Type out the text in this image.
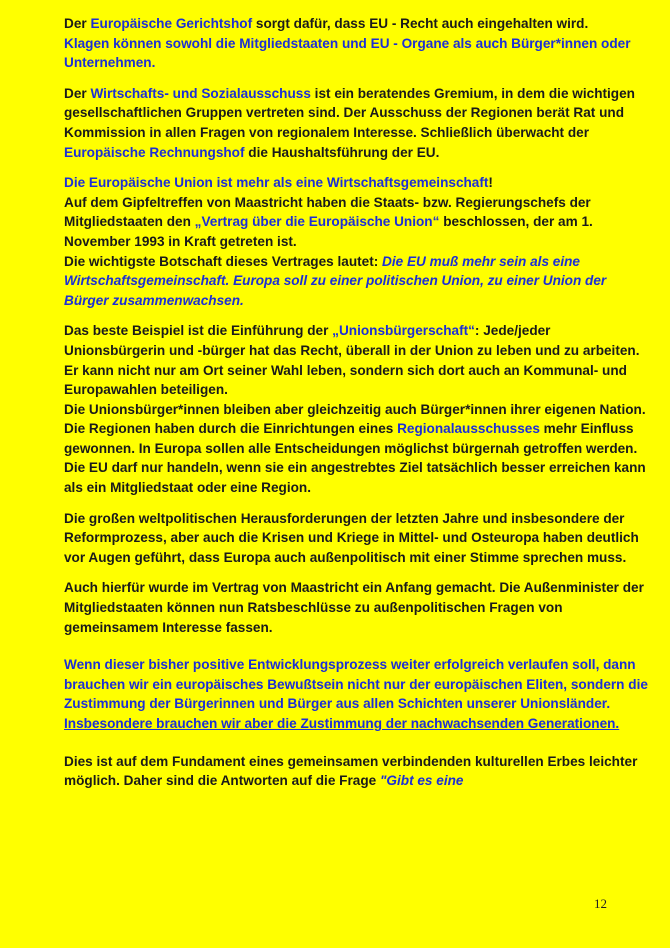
Der Europäische Gerichtshof sorgt dafür, dass EU - Recht auch eingehalten wird.
Klagen können sowohl die Mitgliedstaaten und EU - Organe als auch Bürger*innen oder Unternehmen.

Der Wirtschafts- und Sozialausschuss ist ein beratendes Gremium, in dem die wichtigen gesellschaftlichen Gruppen vertreten sind. Der Ausschuss der Regionen berät Rat und Kommission in allen Fragen von regionalem Interesse. Schließlich überwacht der Europäische Rechnungshof die Haushaltsführung der EU.

Die Europäische Union ist mehr als eine Wirtschaftsgemeinschaft!
Auf dem Gipfeltreffen von Maastricht haben die Staats- bzw. Regierungschefs der Mitgliedstaaten den „Vertrag über die Europäische Union“ beschlossen, der am 1. November 1993 in Kraft getreten ist.
Die wichtigste Botschaft dieses Vertrages lautet: Die EU muß mehr sein als eine Wirtschaftsgemeinschaft. Europa soll zu einer politischen Union, zu einer Union der Bürger zusammenwachsen.

Das beste Beispiel ist die Einführung der „Unionsbürgerschaft“: Jede/jeder Unionsbürgerin und -bürger hat das Recht, überall in der Union zu leben und zu arbeiten. Er kann nicht nur am Ort seiner Wahl leben, sondern sich dort auch an Kommunal- und Europawahlen beteiligen.
Die Unionsbürger*innen bleiben aber gleichzeitig auch Bürger*innen ihrer eigenen Nation.
Die Regionen haben durch die Einrichtungen eines Regionalausschusses mehr Einfluss gewonnen. In Europa sollen alle Entscheidungen möglichst bürgernah getroffen werden.
Die EU darf nur handeln, wenn sie ein angestrebtes Ziel tatsächlich besser erreichen kann als ein Mitgliedstaat oder eine Region.

Die großen weltpolitischen Herausforderungen der letzten Jahre und insbesondere der Reformprozess, aber auch die Krisen und Kriege in Mittel- und Osteuropa haben deutlich vor Augen geführt, dass Europa auch außenpolitisch mit einer Stimme sprechen muss.

Auch hierfür wurde im Vertrag von Maastricht ein Anfang gemacht. Die Außenminister der Mitgliedstaaten können nun Ratsbeschlüsse zu außenpolitischen Fragen von gemeinsamem Interesse fassen.

Wenn dieser bisher positive Entwicklungsprozess weiter erfolgreich verlaufen soll, dann brauchen wir ein europäisches Bewußtsein nicht nur der europäischen Eliten, sondern die Zustimmung der Bürgerinnen und Bürger aus allen Schichten unserer Unionsländer.
Insbesondere brauchen wir aber die Zustimmung der nachwachsenden Generationen.

Dies ist auf dem Fundament eines gemeinsamen verbindenden kulturellen Erbes leichter möglich. Daher sind die Antworten auf die Frage "Gibt es eine

12
